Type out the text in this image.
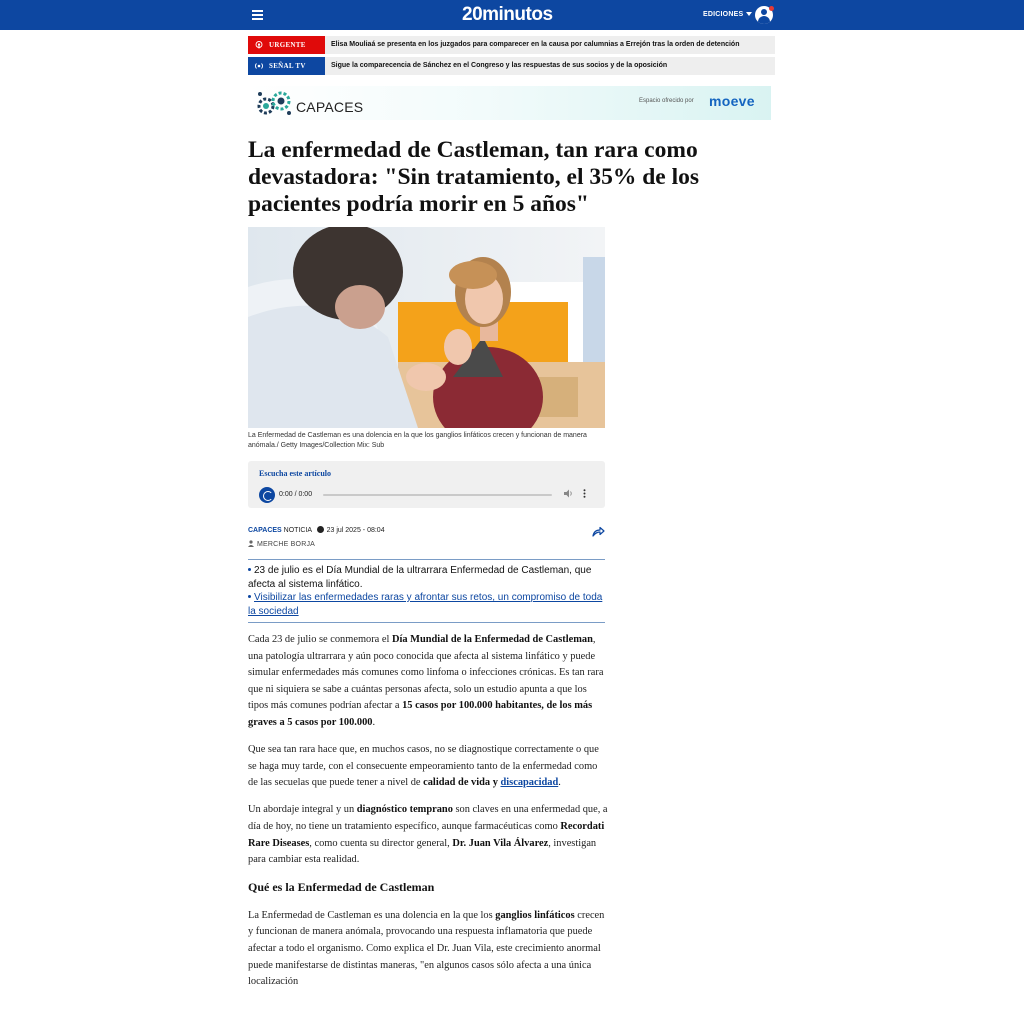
20minutos	EDICIONES
URGENTE	Elisa Mouliaá se presenta en los juzgados para comparecer en la causa por calumnias a Errejón tras la orden de detención
SEÑAL TV	Sigue la comparecencia de Sánchez en el Congreso y las respuestas de sus socios y de la oposición
CAPACES	Espacio ofrecido por moeve
La enfermedad de Castleman, tan rara como devastadora: "Sin tratamiento, el 35% de los pacientes podría morir en 5 años"
La Enfermedad de Castleman es una dolencia en la que los ganglios linfáticos crecen y funcionan de manera anómala./ Getty Images/Collection Mix: Sub
Escucha este artículo
0:00 / 0:00
CAPACES NOTICIA 23 jul 2025 - 08:04
MERCHE BORJA
23 de julio es el Día Mundial de la ultrarrara Enfermedad de Castleman, que afecta al sistema linfático.
Visibilizar las enfermedades raras y afrontar sus retos, un compromiso de toda la sociedad

Cada 23 de julio se conmemora el Día Mundial de la Enfermedad de Castleman, una patología ultrarrara y aún poco conocida que afecta al sistema linfático y puede simular enfermedades más comunes como linfoma o infecciones crónicas. Es tan rara que ni siquiera se sabe a cuántas personas afecta, solo un estudio apunta a que los tipos más comunes podrían afectar a 15 casos por 100.000 habitantes, de los más graves a 5 casos por 100.000.

Que sea tan rara hace que, en muchos casos, no se diagnostique correctamente o que se haga muy tarde, con el consecuente empeoramiento tanto de la enfermedad como de las secuelas que puede tener a nivel de calidad de vida y discapacidad.

Un abordaje integral y un diagnóstico temprano son claves en una enfermedad que, a día de hoy, no tiene un tratamiento específico, aunque farmacéuticas como Recordati Rare Diseases, como cuenta su director general, Dr. Juan Vila Álvarez, investigan para cambiar esta realidad.

Qué es la Enfermedad de Castleman

La Enfermedad de Castleman es una dolencia en la que los ganglios linfáticos crecen y funcionan de manera anómala, provocando una respuesta inflamatoria que puede afectar a todo el organismo. Como explica el Dr. Juan Vila, este crecimiento anormal puede manifestarse de distintas maneras, "en algunos casos sólo afecta a una única localización
